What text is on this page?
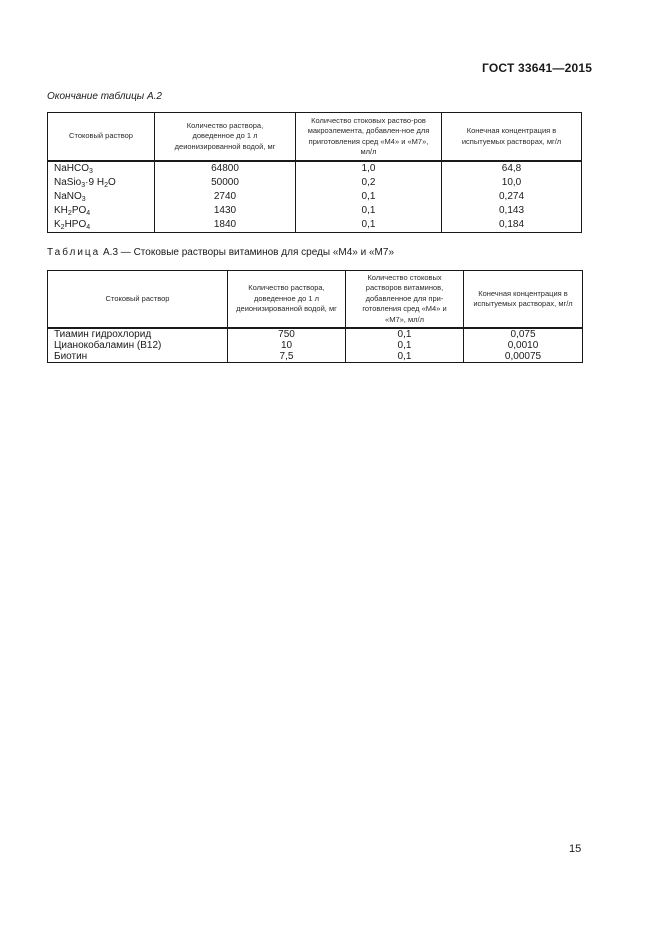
ГОСТ 33641—2015
Окончание таблицы А.2
Стоковый раствор	Количество раствора, доведенное до 1 л деионизированной водой, мг	Количество стоковых раство-ров макроэлемента, добавлен-ное для приготовления сред «М4» и «М7», мл/л	Конечная концентрация в испытуемых растворах, мг/л
NaHCO$_3$	64800	1,0	64,8
NaSio$_3$·9 $H_2O$	50000	0,2	10,0
NaNO$_3$	2740	0,1	0,274
$KH_2PO_4$	1430	0,1	0,143
$K_2HPO_4$	1840	0,1	0,184
Таблица А.3 — Стоковые растворы витаминов для среды «М4» и «М7»
Стоковый раствор	Количество раствора, доведенное до 1 л деионизированной водой, мг	Количество стоковых растворов витаминов, добавленное для при-готовления сред «М4» и «М7», мл/л	Конечная концентрация в испытуемых растворах, мг/л
Тиамин гидрохлорид	750	0,1	0,075
Цианокобаламин (В12)	10	0,1	0,0010
Биотин	7,5	0,1	0,00075
15
